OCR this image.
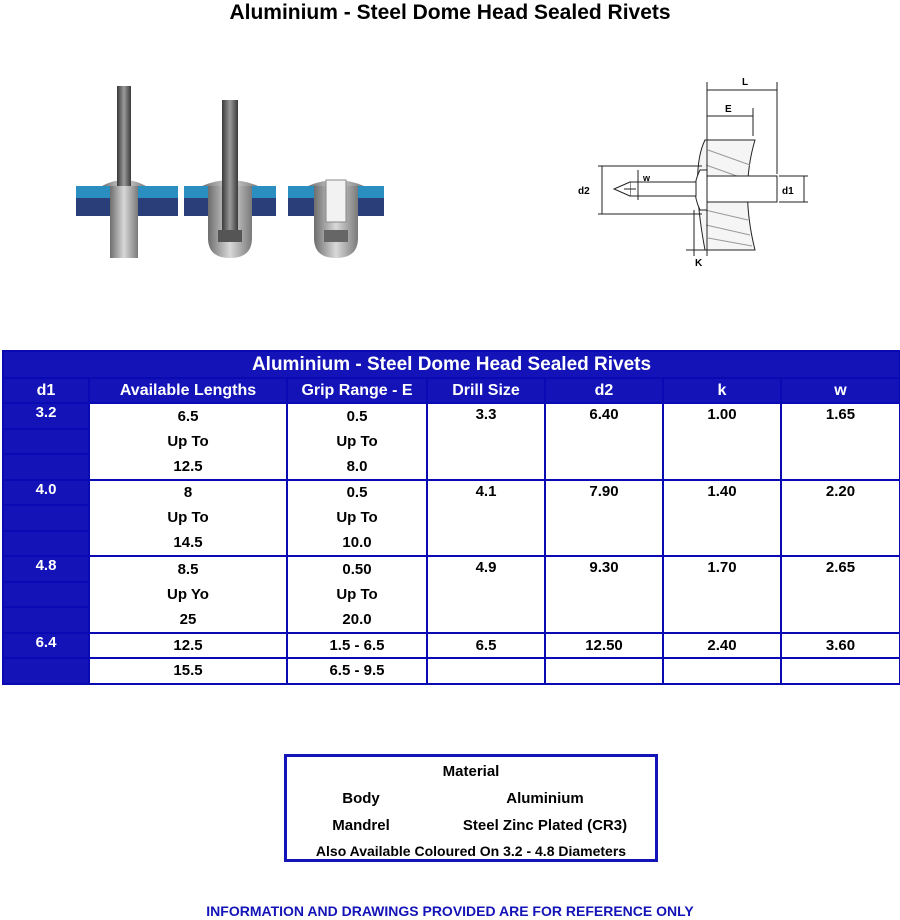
Aluminium - Steel Dome Head Sealed Rivets
L
E
w
d2	d1
K
Aluminium - Steel Dome Head Sealed Rivets						
d1	Available Lengths	Grip Range - E	Drill Size	d2	k	w
3.2	6.5	0.5	3.3	6.40	1.00	1.65
	Up To	Up To				
	12.5	8.0				
4.0	8	0.5	4.1	7.90	1.40	2.20
	Up To	Up To				
	14.5	10.0				
4.8	8.5	0.50	4.9	9.30	1.70	2.65
	Up Yo	Up To				
	25	20.0				
6.4	12.5	1.5 - 6.5	6.5	12.50	2.40	3.60
	15.5	6.5 - 9.5				
Material
Body	Aluminium
Mandrel	Steel Zinc Plated (CR3)
Also Available Coloured On 3.2 - 4.8 Diameters
INFORMATION AND DRAWINGS PROVIDED ARE FOR REFERENCE ONLY
